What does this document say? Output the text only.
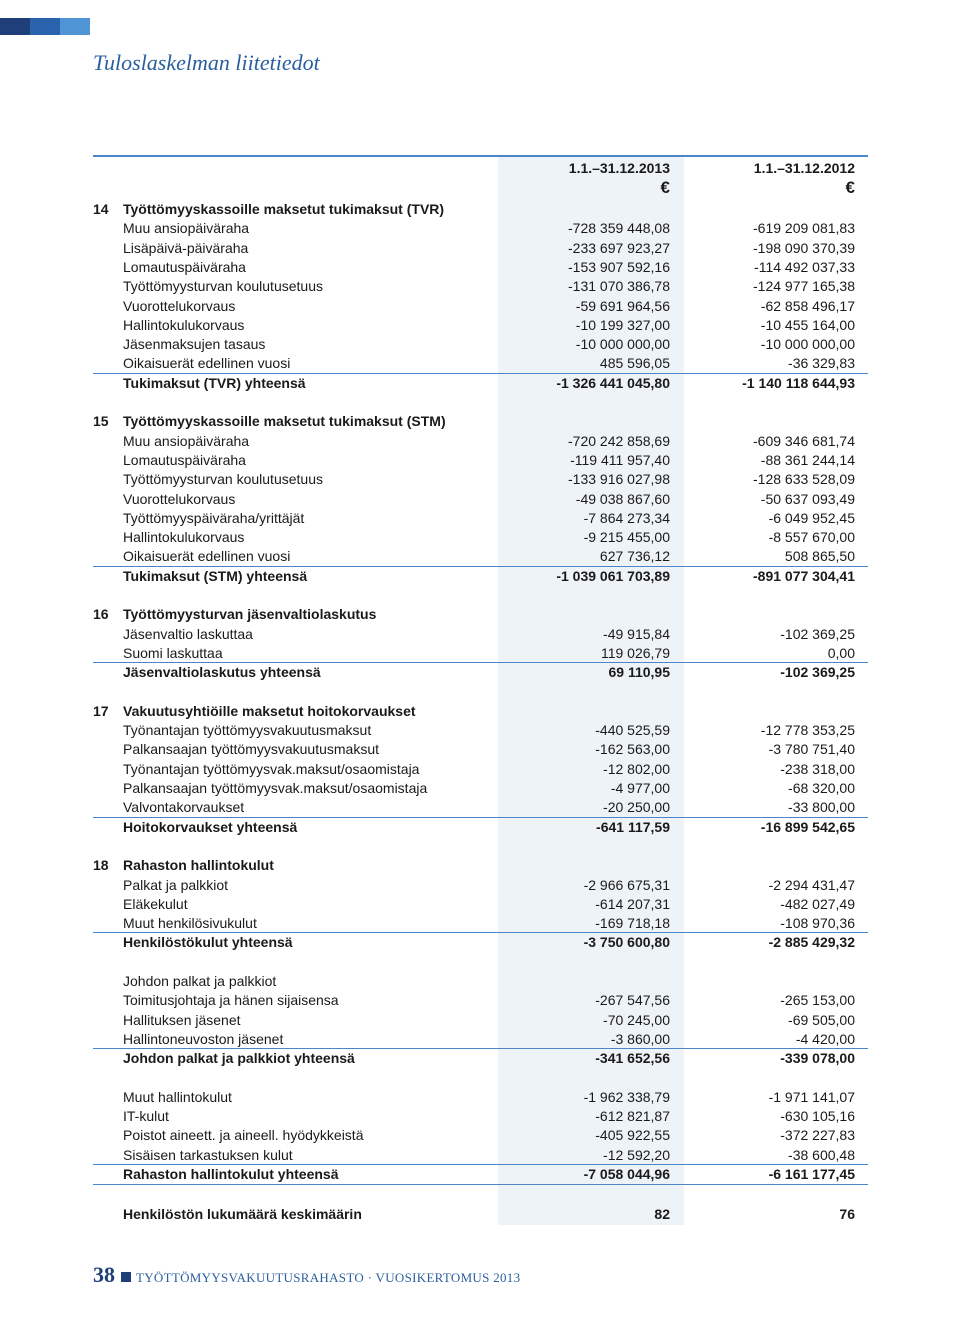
Tuloslaskelman liitetiedot
1.1.–31.12.2013	1.1.–31.12.2012
€	€
14	Työttömyyskassoille maksetut tukimaksut (TVR)
Muu ansiopäiväraha	-728 359 448,08	-619 209 081,83
Lisäpäivä-päiväraha	-233 697 923,27	-198 090 370,39
Lomautuspäiväraha	-153 907 592,16	-114 492 037,33
Työttömyysturvan koulutusetuus	-131 070 386,78	-124 977 165,38
Vuorottelukorvaus	-59 691 964,56	-62 858 496,17
Hallintokulukorvaus	-10 199 327,00	-10 455 164,00
Jäsenmaksujen tasaus	-10 000 000,00	-10 000 000,00
Oikaisuerät edellinen vuosi	485 596,05	-36 329,83
Tukimaksut (TVR) yhteensä	-1 326 441 045,80	-1 140 118 644,93
15	Työttömyyskassoille maksetut tukimaksut (STM)
Muu ansiopäiväraha	-720 242 858,69	-609 346 681,74
Lomautuspäiväraha	-119 411 957,40	-88 361 244,14
Työttömyysturvan koulutusetuus	-133 916 027,98	-128 633 528,09
Vuorottelukorvaus	-49 038 867,60	-50 637 093,49
Työttömyyspäiväraha/yrittäjät	-7 864 273,34	-6 049 952,45
Hallintokulukorvaus	-9 215 455,00	-8 557 670,00
Oikaisuerät edellinen vuosi	627 736,12	508 865,50
Tukimaksut (STM) yhteensä	-1 039 061 703,89	-891 077 304,41
16	Työttömyysturvan jäsenvaltiolaskutus
Jäsenvaltio laskuttaa	-49 915,84	-102 369,25
Suomi laskuttaa	119 026,79	0,00
Jäsenvaltiolaskutus yhteensä	69 110,95	-102 369,25
17	Vakuutusyhtiöille maksetut hoitokorvaukset
Työnantajan työttömyysvakuutusmaksut	-440 525,59	-12 778 353,25
Palkansaajan työttömyysvakuutusmaksut	-162 563,00	-3 780 751,40
Työnantajan työttömyysvak.maksut/osaomistaja	-12 802,00	-238 318,00
Palkansaajan työttömyysvak.maksut/osaomistaja	-4 977,00	-68 320,00
Valvontakorvaukset	-20 250,00	-33 800,00
Hoitokorvaukset yhteensä	-641 117,59	-16 899 542,65
18	Rahaston hallintokulut
Palkat ja palkkiot	-2 966 675,31	-2 294 431,47
Eläkekulut	-614 207,31	-482 027,49
Muut henkilösivukulut	-169 718,18	-108 970,36
Henkilöstökulut yhteensä	-3 750 600,80	-2 885 429,32
Johdon palkat ja palkkiot
Toimitusjohtaja ja hänen sijaisensa	-267 547,56	-265 153,00
Hallituksen jäsenet	-70 245,00	-69 505,00
Hallintoneuvoston jäsenet	-3 860,00	-4 420,00
Johdon palkat ja palkkiot yhteensä	-341 652,56	-339 078,00
Muut hallintokulut	-1 962 338,79	-1 971 141,07
IT-kulut	-612 821,87	-630 105,16
Poistot aineett. ja aineell. hyödykkeistä	-405 922,55	-372 227,83
Sisäisen tarkastuksen kulut	-12 592,20	-38 600,48
Rahaston hallintokulut yhteensä	-7 058 044,96	-6 161 177,45
Henkilöstön lukumäärä keskimäärin	82	76
38 TYÖTTÖMYYSVAKUUTUSRAHASTO · VUOSIKERTOMUS 2013
